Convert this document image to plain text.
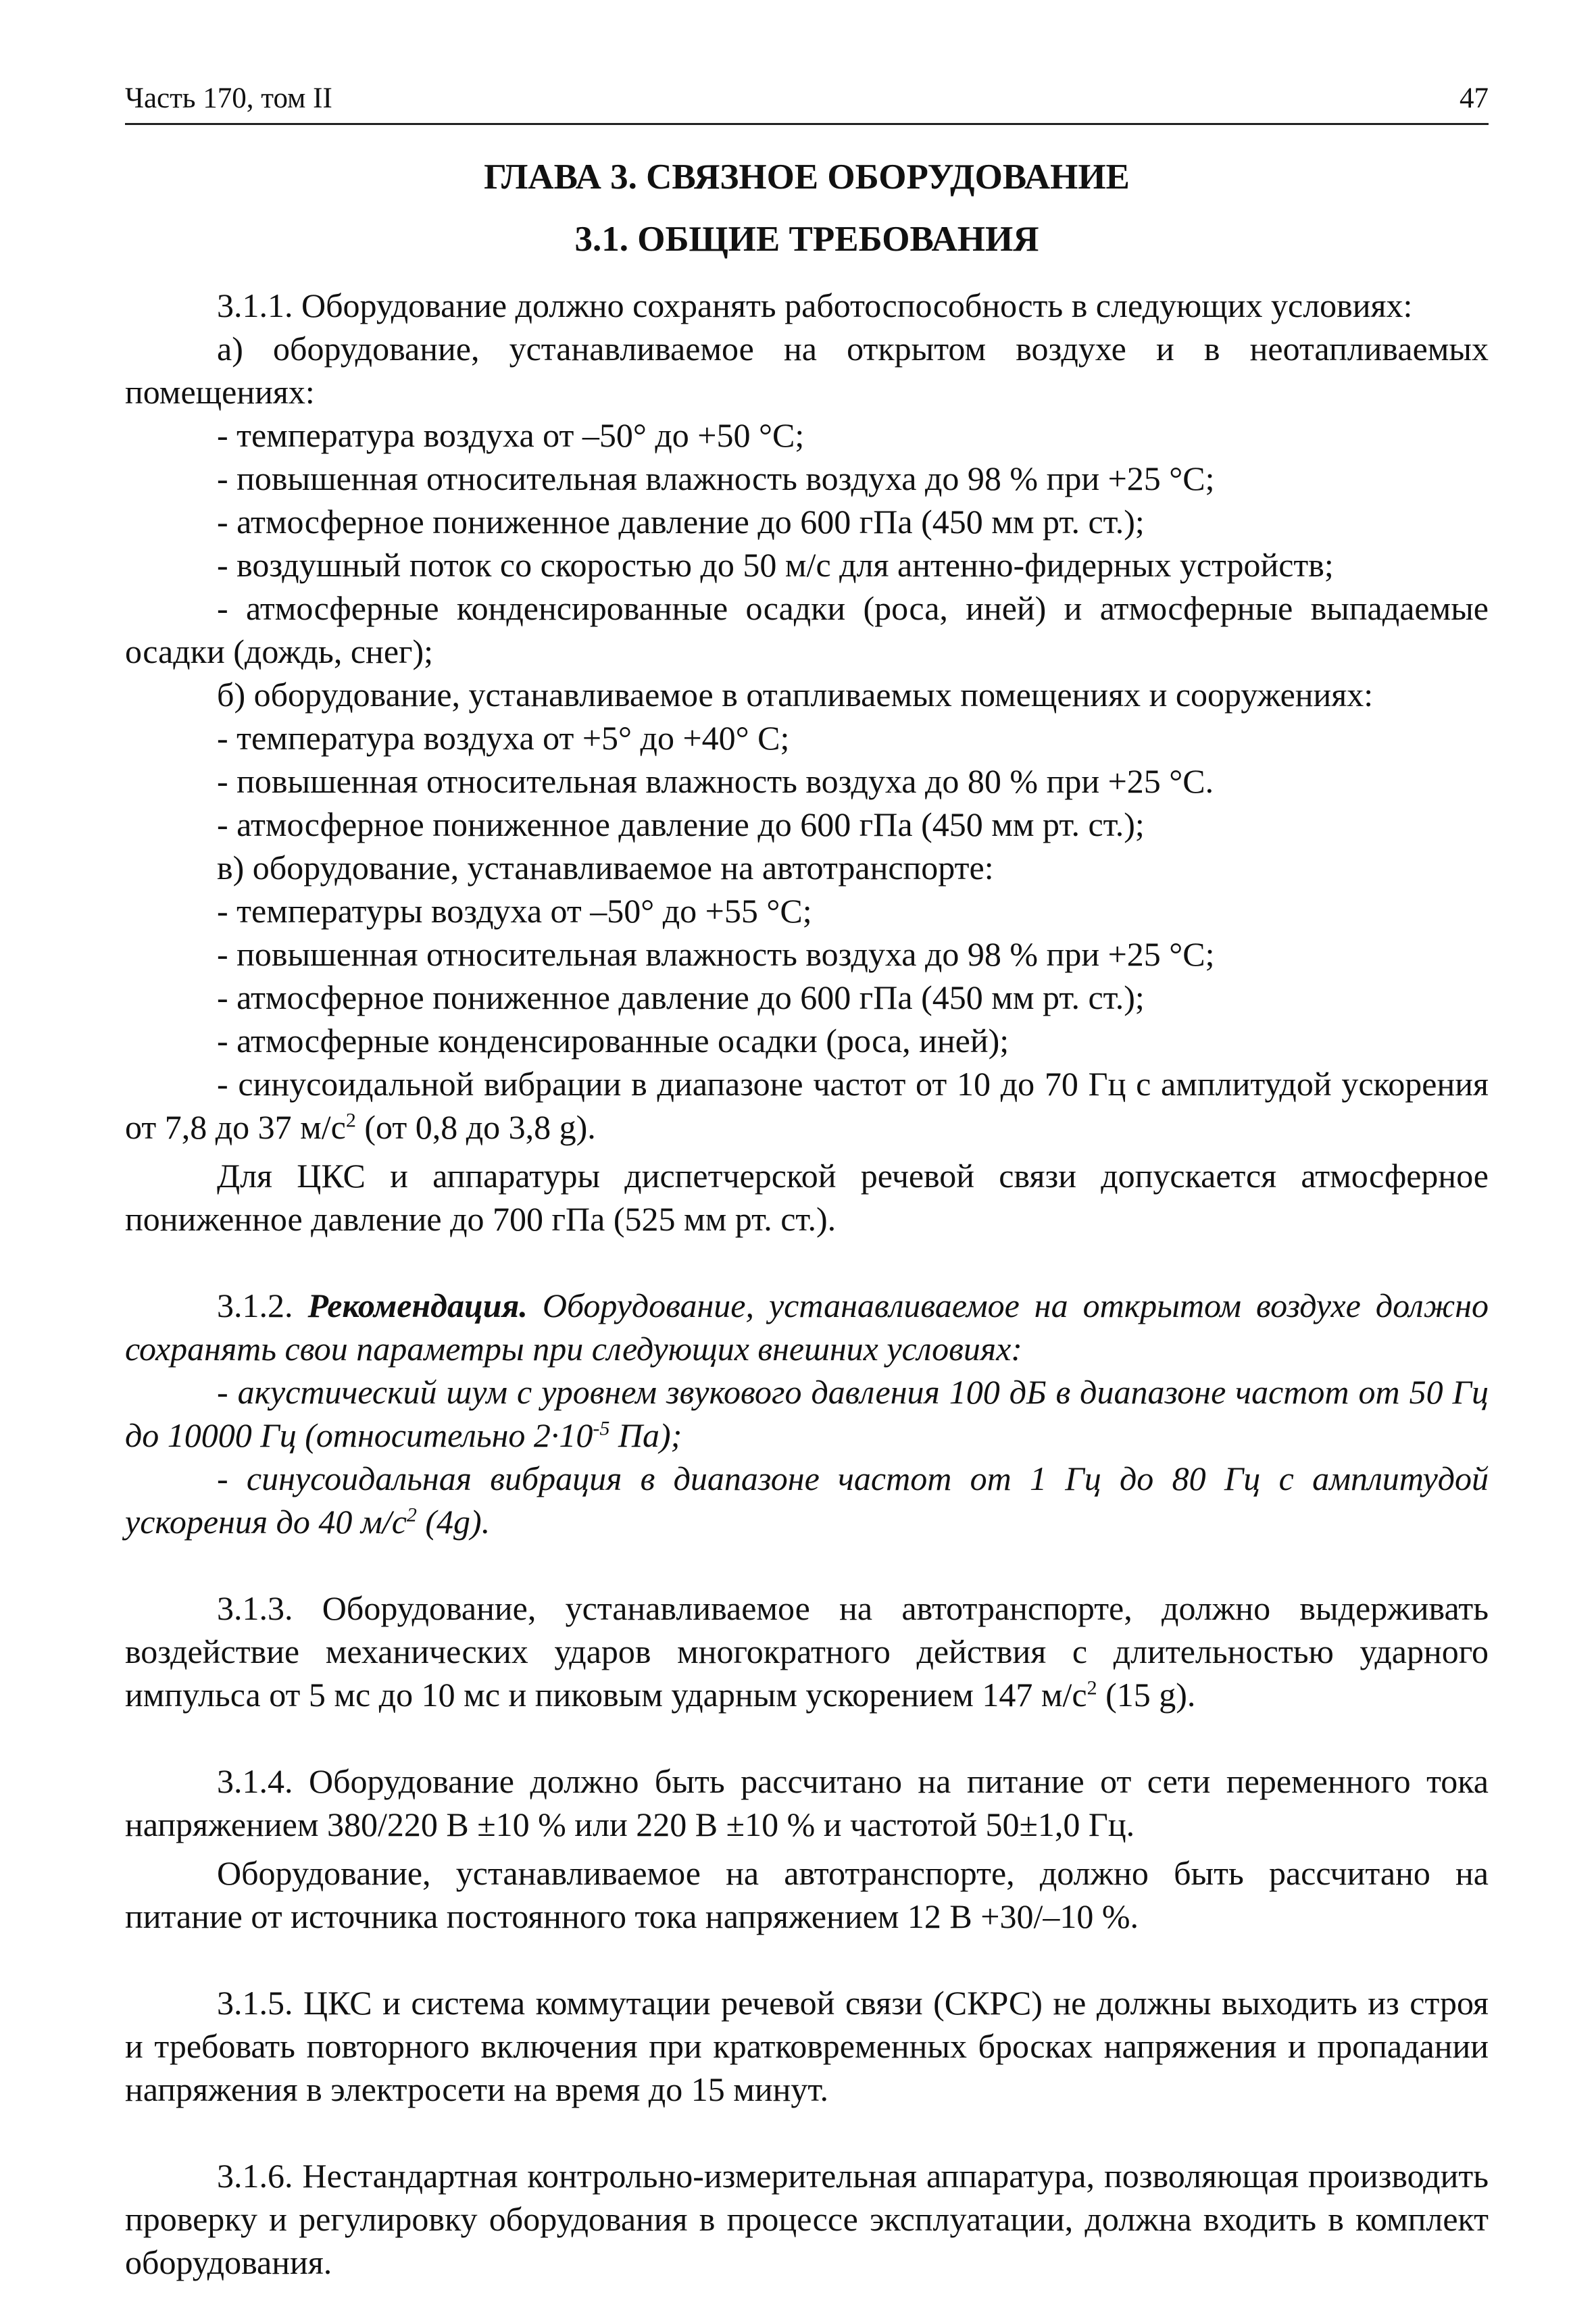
Часть 170, том II	47
ГЛАВА 3. СВЯЗНОЕ ОБОРУДОВАНИЕ
3.1. ОБЩИЕ ТРЕБОВАНИЯ

3.1.1. Оборудование должно сохранять работоспособность в следующих условиях:

а) оборудование, устанавливаемое на открытом воздухе и в неотапливаемых помещениях:

- температура воздуха от –50° до +50 °С;

- повышенная относительная влажность воздуха до 98 % при +25 °С;

- атмосферное пониженное давление до 600 гПа (450 мм рт. ст.);

- воздушный поток со скоростью до 50 м/с для антенно-фидерных устройств;

- атмосферные конденсированные осадки (роса, иней) и атмосферные выпадаемые осадки (дождь, снег);

б) оборудование, устанавливаемое в отапливаемых помещениях и сооружениях:

- температура воздуха от +5° до +40° С;

- повышенная относительная влажность воздуха до 80 % при +25 °С.

- атмосферное пониженное давление до 600 гПа (450 мм рт. ст.);

в) оборудование, устанавливаемое на автотранспорте:

- температуры воздуха от –50° до +55 °С;

- повышенная относительная влажность воздуха до 98 % при +25 °С;

- атмосферное пониженное давление до 600 гПа (450 мм рт. ст.);

- атмосферные конденсированные осадки (роса, иней);

- синусоидальной вибрации в диапазоне частот от 10 до 70 Гц с амплитудой ускорения от 7,8 до 37 $м/с^2$ (от 0,8 до 3,8 g).

Для ЦКС и аппаратуры диспетчерской речевой связи допускается атмосферное пониженное давление до 700 гПа (525 мм рт. ст.).

3.1.2. Рекомендация. Оборудование, устанавливаемое на открытом воздухе должно сохранять свои параметры при следующих внешних условиях:

- акустический шум с уровнем звукового давления 100 дБ в диапазоне частот от 50 Гц до 10000 Гц (относительно $2\cdot 10^{-5}$ Па);

- синусоидальная вибрация в диапазоне частот от 1 Гц до 80 Гц с амплитудой ускорения до 40 $м/с^2$ (4g).

3.1.3. Оборудование, устанавливаемое на автотранспорте, должно выдерживать воздействие механических ударов многократного действия с длительностью ударного импульса от 5 мс до 10 мс и пиковым ударным ускорением 147 $м/с^2$ (15 g).

3.1.4. Оборудование должно быть рассчитано на питание от сети переменного тока напряжением 380/220 В ±10 % или 220 В ±10 % и частотой 50±1,0 Гц.

Оборудование, устанавливаемое на автотранспорте, должно быть рассчитано на питание от источника постоянного тока напряжением 12 В +30/–10 %.

3.1.5. ЦКС и система коммутации речевой связи (СКРС) не должны выходить из строя и требовать повторного включения при кратковременных бросках напряжения и пропадании напряжения в электросети на время до 15 минут.

3.1.6. Нестандартная контрольно-измерительная аппаратура, позволяющая производить проверку и регулировку оборудования в процессе эксплуатации, должна входить в комплект оборудования.
